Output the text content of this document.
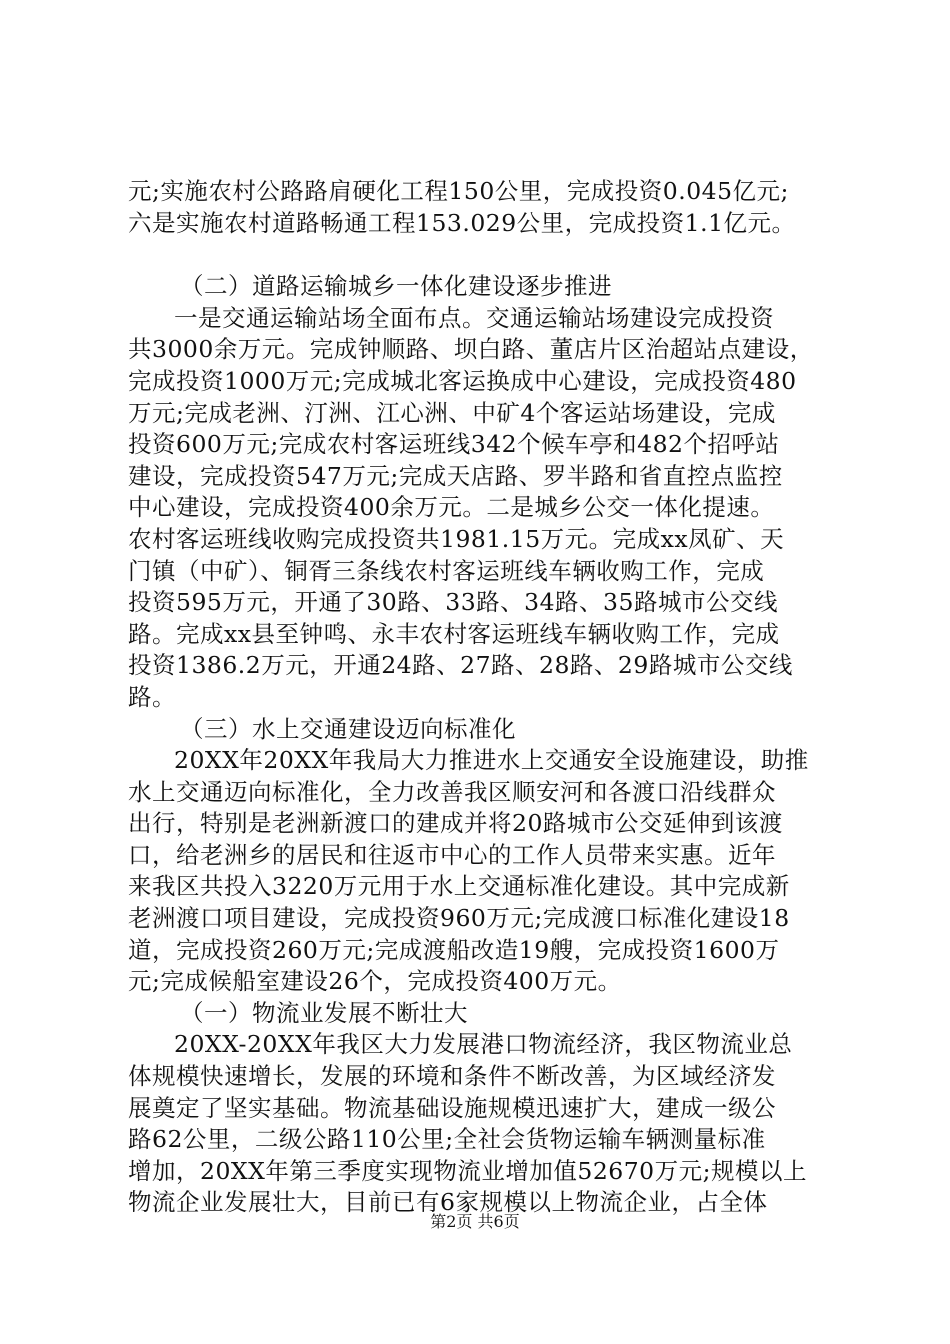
元;实施农村公路路肩硬化工程150公里，完成投资0.045亿元;
六是实施农村道路畅通工程153.029公里，完成投资1.1亿元。
（二）道路运输城乡一体化建设逐步推进
一是交通运输站场全面布点。交通运输站场建设完成投资
共3000余万元。完成钟顺路、坝白路、董店片区治超站点建设，
完成投资1000万元;完成城北客运换成中心建设，完成投资480
万元;完成老洲、汀洲、江心洲、中矿4个客运站场建设，完成
投资600万元;完成农村客运班线342个候车亭和482个招呼站
建设，完成投资547万元;完成天店路、罗半路和省直控点监控
中心建设，完成投资400余万元。二是城乡公交一体化提速。
农村客运班线收购完成投资共1981.15万元。完成xx凤矿、天
门镇（中矿）、铜胥三条线农村客运班线车辆收购工作，完成
投资595万元，开通了30路、33路、34路、35路城市公交线
路。完成xx县至钟鸣、永丰农村客运班线车辆收购工作，完成
投资1386.2万元，开通24路、27路、28路、29路城市公交线
路。
（三）水上交通建设迈向标准化
20XX年20XX年我局大力推进水上交通安全设施建设，助推
水上交通迈向标准化，全力改善我区顺安河和各渡口沿线群众
出行，特别是老洲新渡口的建成并将20路城市公交延伸到该渡
口，给老洲乡的居民和往返市中心的工作人员带来实惠。近年
来我区共投入3220万元用于水上交通标准化建设。其中完成新
老洲渡口项目建设，完成投资960万元;完成渡口标准化建设18
道，完成投资260万元;完成渡船改造19艘，完成投资1600万
元;完成候船室建设26个，完成投资400万元。
（一）物流业发展不断壮大
20XX-20XX年我区大力发展港口物流经济，我区物流业总
体规模快速增长，发展的环境和条件不断改善，为区域经济发
展奠定了坚实基础。物流基础设施规模迅速扩大，建成一级公
路62公里，二级公路110公里;全社会货物运输车辆测量标准
增加，20XX年第三季度实现物流业增加值52670万元;规模以上
物流企业发展壮大，目前已有6家规模以上物流企业，占全体
第2页 共6页
